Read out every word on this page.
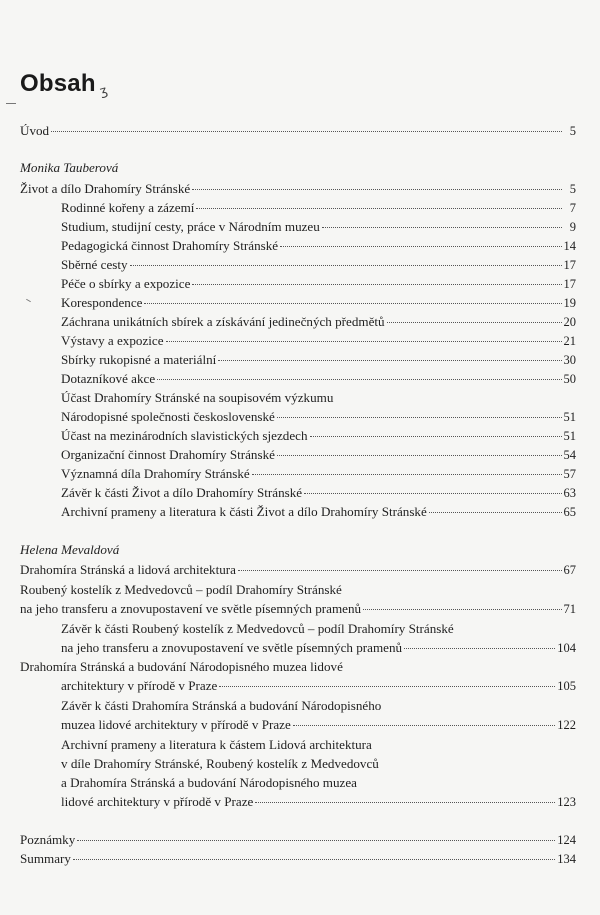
Obsah ʒ
Úvod	5
Monika Tauberová
Život a dílo Drahomíry Stránské	5
Rodinné kořeny a zázemí	7
Studium, studijní cesty, práce v Národním muzeu	9
Pedagogická činnost Drahomíry Stránské	14
Sběrné cesty	17
Péče o sbírky a expozice	17
Korespondence	19
Záchrana unikátních sbírek a získávání jedinečných předmětů	20
Výstavy a expozice	21
Sbírky rukopisné a materiální	30
Dotazníkové akce	50
Účast Drahomíry Stránské na soupisovém výzkumu
Národopisné společnosti československé	51
Účast na mezinárodních slavistických sjezdech	51
Organizační činnost Drahomíry Stránské	54
Významná díla Drahomíry Stránské	57
Závěr k části Život a dílo Drahomíry Stránské	63
Archivní prameny a literatura k části Život a dílo Drahomíry Stránské	65
Helena Mevaldová
Drahomíra Stránská a lidová architektura	67
Roubený kostelík z Medvedovců – podíl Drahomíry Stránské
na jeho transferu a znovupostavení ve světle písemných pramenů	71
Závěr k části Roubený kostelík z Medvedovců – podíl Drahomíry Stránské
na jeho transferu a znovupostavení ve světle písemných pramenů	104
Drahomíra Stránská a budování Národopisného muzea lidové
architektury v přírodě v Praze	105
Závěr k části Drahomíra Stránská a budování Národopisného
muzea lidové architektury v přírodě v Praze	122
Archivní prameny a literatura k částem Lidová architektura
v díle Drahomíry Stránské, Roubený kostelík z Medvedovců
a Drahomíra Stránská a budování Národopisného muzea
lidové architektury v přírodě v Praze	123
Poznámky	124
Summary	134
